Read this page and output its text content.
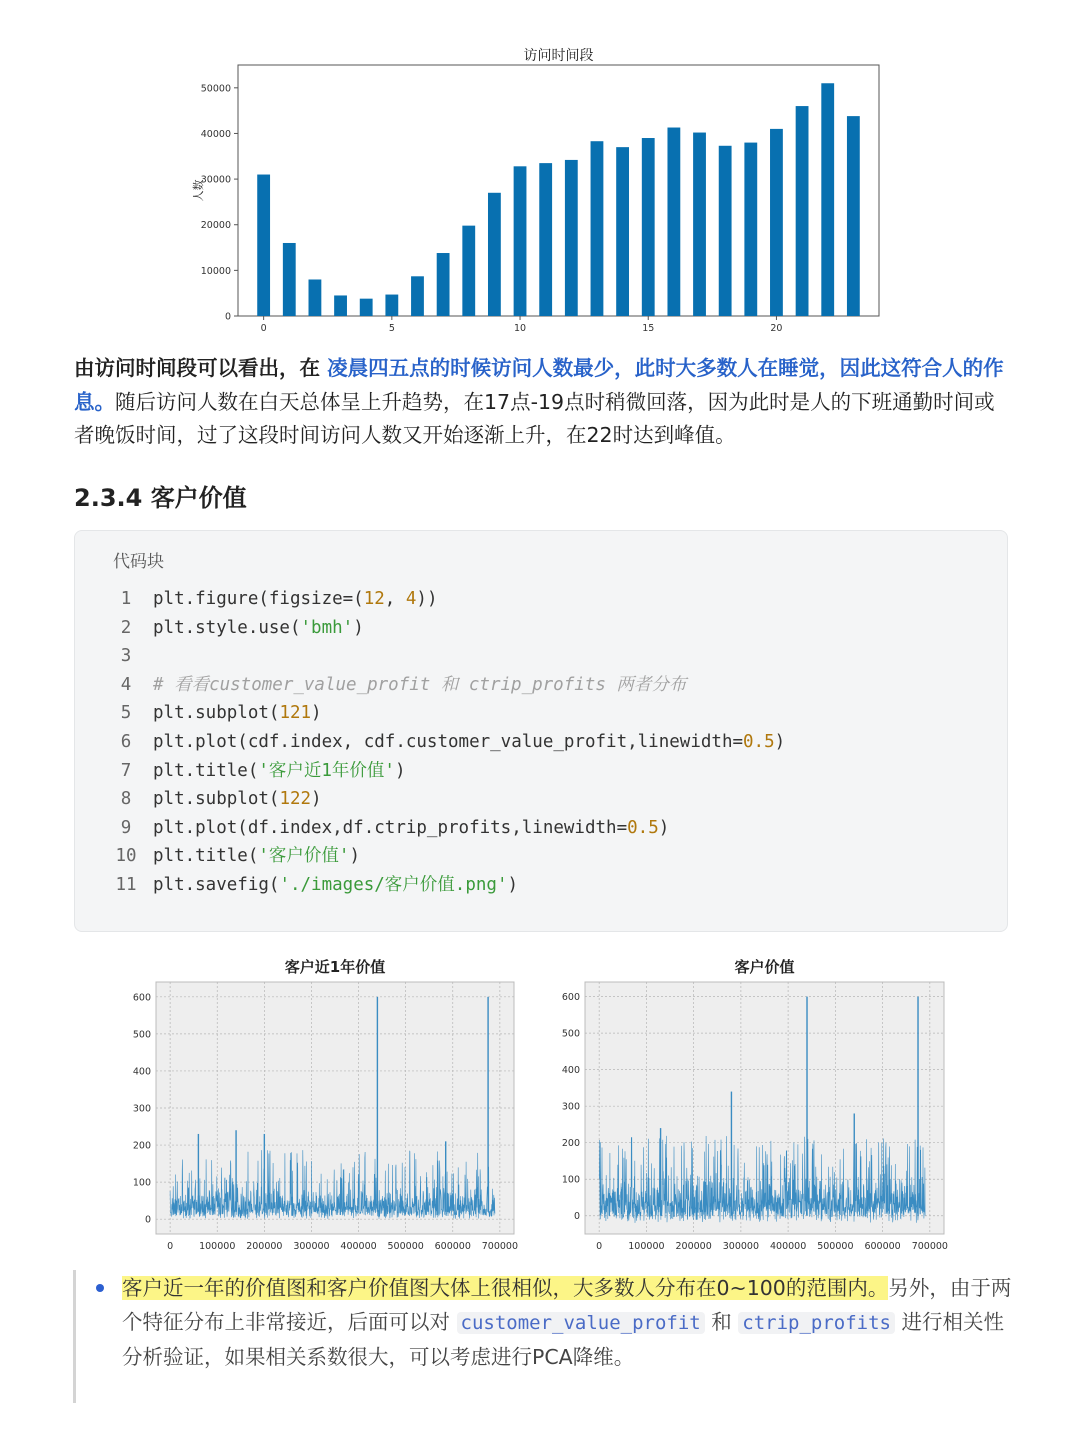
访问时间段
0
10000
20000
30000
40000
50000
0	5	10	15	20
人数
由访问时间段可以看出，在 凌晨四五点的时候访问人数最少，此时大多数人在睡觉，因此这符合人的作息。随后访问人数在白天总体呈上升趋势，在17点-19点时稍微回落，因为此时是人的下班通勤时间或者晚饭时间，过了这段时间访问人数又开始逐渐上升，在22时达到峰值。
2.3.4 客户价值
代码块
1	plt.figure(figsize=(12, 4))
2	plt.style.use('bmh')
3
4	# 看看customer_value_profit 和 ctrip_profits 两者分布
5	plt.subplot(121)
6	plt.plot(cdf.index, cdf.customer_value_profit,linewidth=0.5)
7	plt.title('客户近1年价值')
8	plt.subplot(122)
9	plt.plot(df.index,df.ctrip_profits,linewidth=0.5)
10 plt.title('客户价值')
11 plt.savefig('./images/客户价值.png')
客户近1年价值
0
100
200
300
400
500
600
0	100000 200000 300000 400000 500000 600000 700000
客户价值
0
100
200
300
400
500
600
0	100000 200000 300000 400000 500000 600000 700000
客户近一年的价值图和客户价值图大体上很相似，大多数人分布在0~100的范围内。另外，由于两个特征分布上非常接近，后面可以对 customer_value_profit 和 ctrip_profits 进行相关性分析验证，如果相关系数很大，可以考虑进行PCA降维。
